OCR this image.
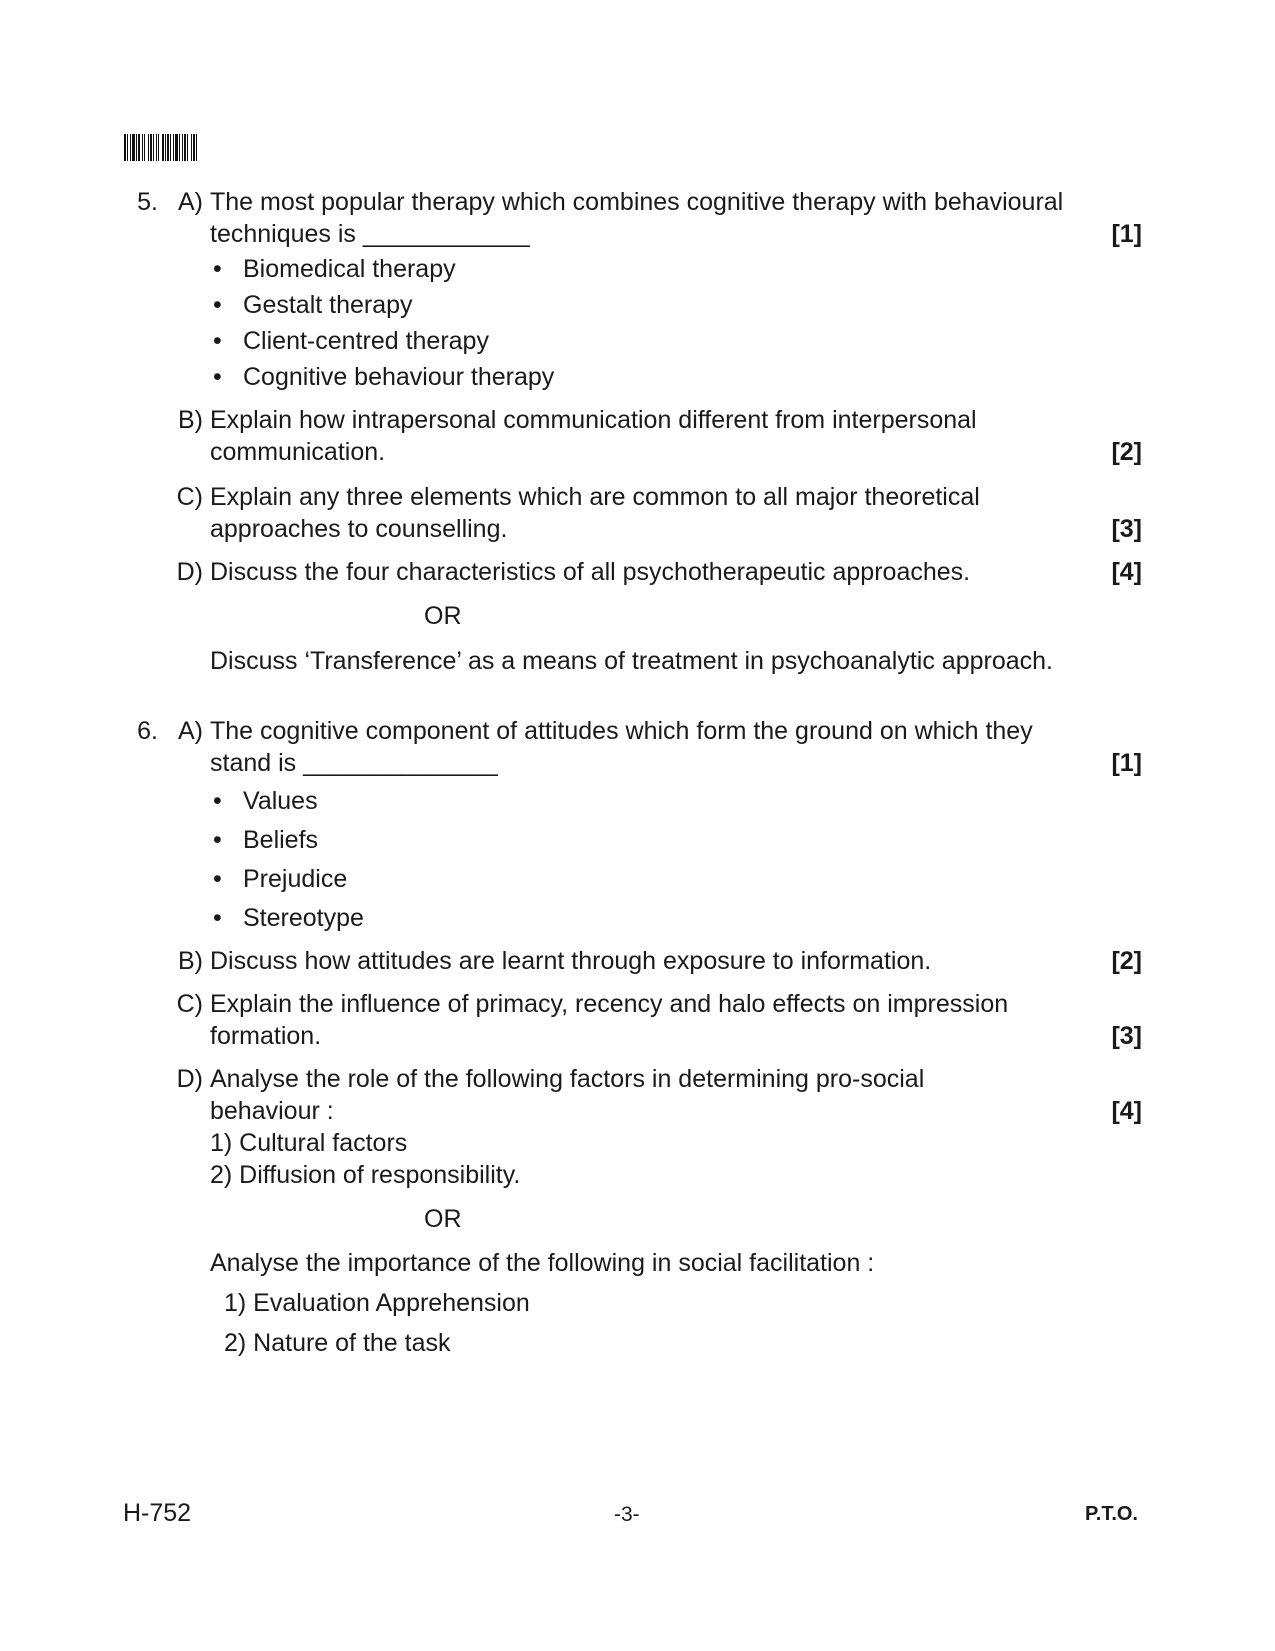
5. A) The most popular therapy which combines cognitive therapy with behavioural
techniques is ____________	[1]
• Biomedical therapy
• Gestalt therapy
• Client-centred therapy
• Cognitive behaviour therapy
B) Explain how intrapersonal communication different from interpersonal
communication.	[2]
C) Explain any three elements which are common to all major theoretical
approaches to counselling.	[3]
D) Discuss the four characteristics of all psychotherapeutic approaches.	[4]
OR
Discuss ‘Transference’ as a means of treatment in psychoanalytic approach.
6. A) The cognitive component of attitudes which form the ground on which they
stand is ______________	[1]
• Values
• Beliefs
• Prejudice
• Stereotype
B) Discuss how attitudes are learnt through exposure to information.	[2]
C) Explain the influence of primacy, recency and halo effects on impression
formation.	[3]
D) Analyse the role of the following factors in determining pro-social
behaviour :	[4]
1) Cultural factors
2) Diffusion of responsibility.
OR
Analyse the importance of the following in social facilitation :
1) Evaluation Apprehension
2) Nature of the task
H-752	-3-	P.T.O.
